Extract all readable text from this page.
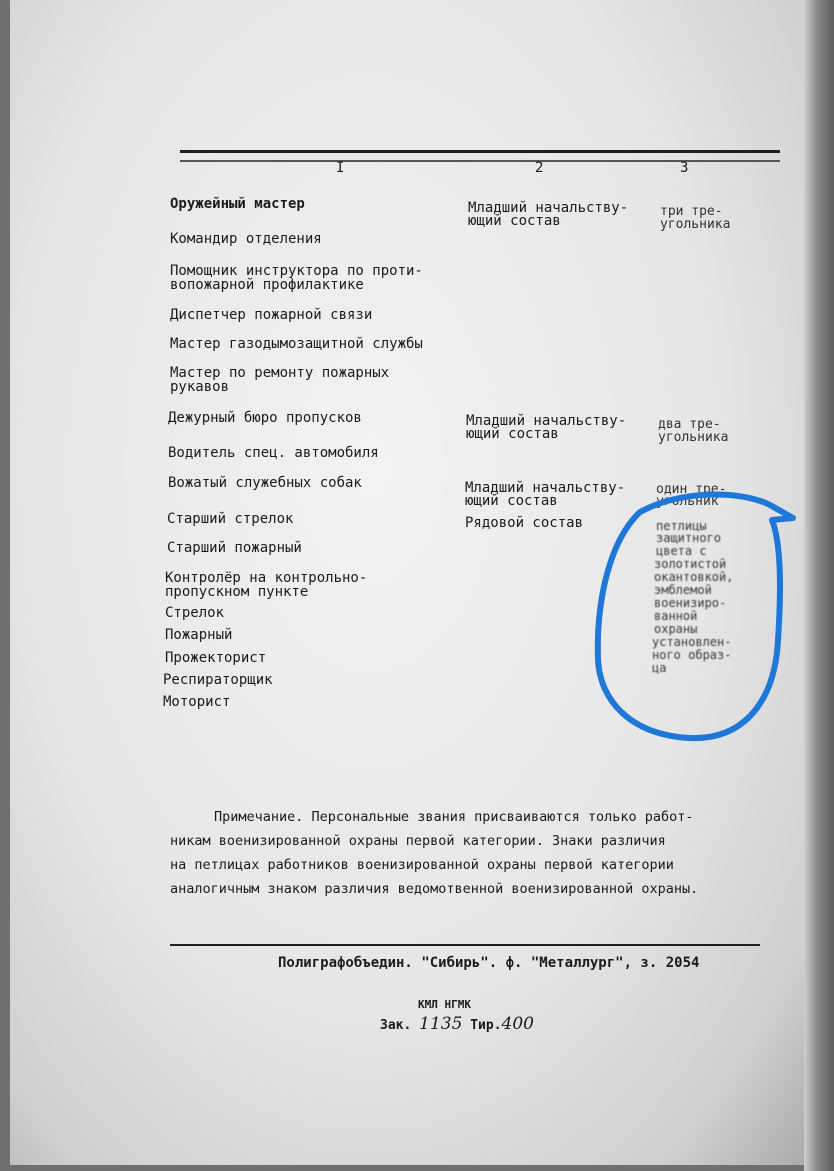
I	2	3
Оружейный мастер
Командир отделения
Помощник инструктора по проти-
вопожарной профилактике
Диспетчер пожарной связи
Мастер газодымозащитной службы
Мастер по ремонту пожарных
рукавов
Дежурный бюро пропусков
Водитель спец. автомобиля
Вожатый служебных собак
Старший стрелок
Старший пожарный
Контролёр на контрольно-
пропускном пункте
Стрелок
Пожарный
Прожекторист
Респираторщик
Моторист
Младший начальству-
ющий состав
Младший начальству-
ющий состав
Младший начальству-
ющий состав
Рядовой состав
три тре-
угольника
два тре-
угольника
один тре-
угольник
петлицы
защитного
цвета с
золотистой
окантовкой,
эмблемой
военизиро-
ванной
охраны
установлен-
ного образ-
ца
Примечание. Персональные звания присваиваются только работ-
никам военизированной охраны первой категории. Знаки различия
на петлицах работников военизированной охраны первой категории
аналогичным знаком различия ведомотвенной военизированной охраны.
Полиграфобъедин. "Сибирь". ф. "Металлург", з. 2054
КМЛ НГМК
Зак. 1135 Тир.400
